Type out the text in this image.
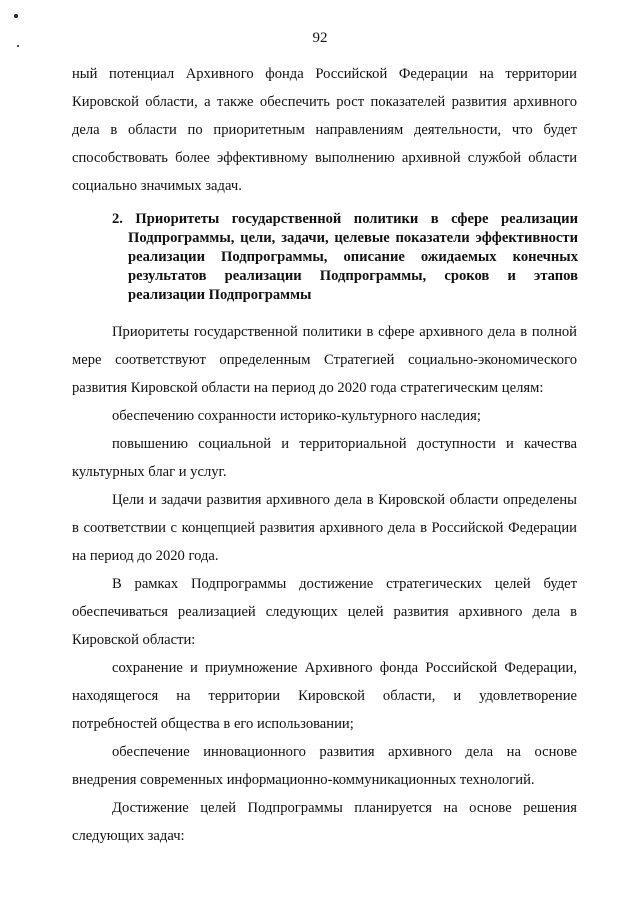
92

ный потенциал Архивного фонда Российской Федерации на территории Кировской области, а также обеспечить рост показателей развития архивного дела в области по приоритетным направлениям деятельности, что будет способствовать более эффективному выполнению архивной службой области социально значимых задач.

2. Приоритеты государственной политики в сфере реализации Подпрограммы, цели, задачи, целевые показатели эффективности реализации Подпрограммы, описание ожидаемых конечных результатов реализации Подпрограммы, сроков и этапов реализации Подпрограммы

Приоритеты государственной политики в сфере архивного дела в полной мере соответствуют определенным Стратегией социально-экономического развития Кировской области на период до 2020 года стратегическим целям:

обеспечению сохранности историко-культурного наследия;

повышению социальной и территориальной доступности и качества культурных благ и услуг.

Цели и задачи развития архивного дела в Кировской области определены в соответствии с концепцией развития архивного дела в Российской Федерации на период до 2020 года.

В рамках Подпрограммы достижение стратегических целей будет обеспечиваться реализацией следующих целей развития архивного дела в Кировской области:

сохранение и приумножение Архивного фонда Российской Федерации, находящегося на территории Кировской области, и удовлетворение потребностей общества в его использовании;

обеспечение инновационного развития архивного дела на основе внедрения современных информационно-коммуникационных технологий.

Достижение целей Подпрограммы планируется на основе решения следующих задач:
